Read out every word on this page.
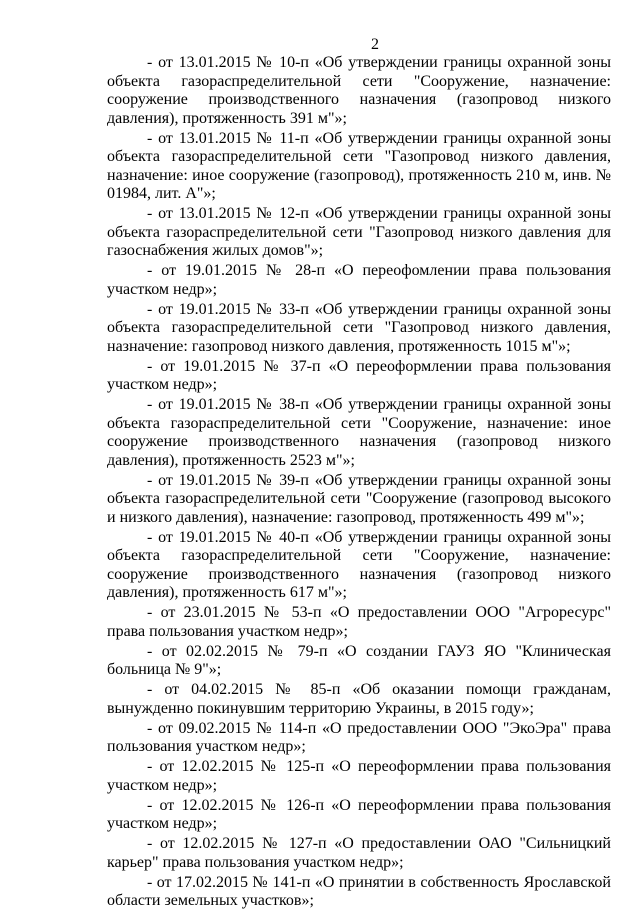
2

- от 13.01.2015 № 10-п «Об утверждении границы охранной зоны объекта газораспределительной сети "Сооружение, назначение: сооружение производственного назначения (газопровод низкого давления), протяженность 391 м"»;

- от 13.01.2015 № 11-п «Об утверждении границы охранной зоны объекта газораспределительной сети "Газопровод низкого давления, назначение: иное сооружение (газопровод), протяженность 210 м, инв. № 01984, лит. А"»;

- от 13.01.2015 № 12-п «Об утверждении границы охранной зоны объекта газораспределительной сети "Газопровод низкого давления для газоснабжения жилых домов"»;

- от 19.01.2015 № 28-п «О переофомлении права пользования участком недр»;

- от 19.01.2015 № 33-п «Об утверждении границы охранной зоны объекта газораспределительной сети "Газопровод низкого давления, назначение: газопровод низкого давления, протяженность 1015 м"»;

- от 19.01.2015 № 37-п «О переоформлении права пользования участком недр»;

- от 19.01.2015 № 38-п «Об утверждении границы охранной зоны объекта газораспределительной сети "Сооружение, назначение: иное сооружение производственного назначения (газопровод низкого давления), протяженность 2523 м"»;

- от 19.01.2015 № 39-п «Об утверждении границы охранной зоны объекта газораспределительной сети "Сооружение (газопровод высокого и низкого давления), назначение: газопровод, протяженность 499 м"»;

- от 19.01.2015 № 40-п «Об утверждении границы охранной зоны объекта газораспределительной сети "Сооружение, назначение: сооружение производственного назначения (газопровод низкого давления), протяженность 617 м"»;

- от 23.01.2015 № 53-п «О предоставлении ООО "Агроресурс" права пользования участком недр»;

- от 02.02.2015 № 79-п «О создании ГАУЗ ЯО "Клиническая больница № 9"»;

- от 04.02.2015 № 85-п «Об оказании помощи гражданам, вынужденно покинувшим территорию Украины, в 2015 году»;

- от 09.02.2015 № 114-п «О предоставлении ООО "ЭкоЭра" права пользования участком недр»;

- от 12.02.2015 № 125-п «О переоформлении права пользования участком недр»;

- от 12.02.2015 № 126-п «О переоформлении права пользования участком недр»;

- от 12.02.2015 № 127-п «О предоставлении ОАО "Сильницкий карьер" права пользования участком недр»;

- от 17.02.2015 № 141-п «О принятии в собственность Ярославской области земельных участков»;
